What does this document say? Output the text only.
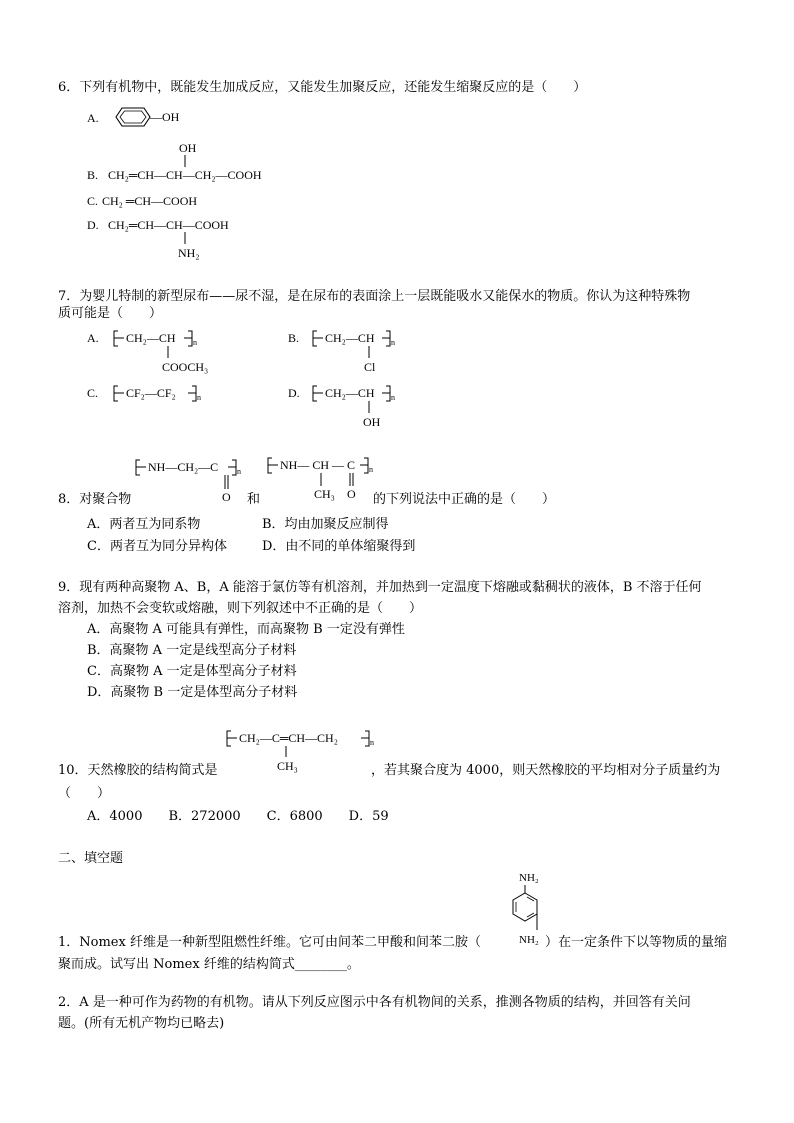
6．下列有机物中，既能发生加成反应，又能发生加聚反应，还能发生缩聚反应的是（　　）
A.	—OH
OH
B. CH₂═CH—CH—CH₂—COOH
C. CH₂ ═CH—COOH
D. CH₂═CH—CH—COOH
NH₂
7．为婴儿特制的新型尿布——尿不湿，是在尿布的表面涂上一层既能吸水又能保水的物质。你认为这种特殊物
质可能是（　　）
A. CH₂—CH n
COOCH₃
B. CH₂—CH n
Cl
C. CF₂—CF₂	n	D. CH₂—CH n
OH
NH—CH₂—C n
O
NH— CH — C n
CH₃ O
8．对聚合物	和	的下列说法中正确的是（　　）
A．两者互为同系物	B．均由加聚反应制得
C．两者互为同分异构体	D．由不同的单体缩聚得到
9．现有两种高聚物 A、B，A 能溶于氯仿等有机溶剂，并加热到一定温度下熔融或黏稠状的液体，B 不溶于任何
溶剂，加热不会变软或熔融，则下列叙述中不正确的是（　　）
A．高聚物 A 可能具有弹性，而高聚物 B 一定没有弹性
B．高聚物 A 一定是线型高分子材料
C．高聚物 A 一定是体型高分子材料
D．高聚物 B 一定是体型高分子材料
CH₂—C═CH—CH₂	n
CH₃
10．天然橡胶的结构简式是	，若其聚合度为 4000，则天然橡胶的平均相对分子质量约为
（　　）
A．4000　　B．272000　　C．6800　　D．59
二、填空题
NH₂
NH₂
1．Nomex 纤维是一种新型阻燃性纤维。它可由间苯二甲酸和间苯二胺（	）在一定条件下以等物质的量缩
聚而成。试写出 Nomex 纤维的结构简式________。
2．A 是一种可作为药物的有机物。请从下列反应图示中各有机物间的关系，推测各物质的结构，并回答有关问
题。(所有无机产物均已略去)
